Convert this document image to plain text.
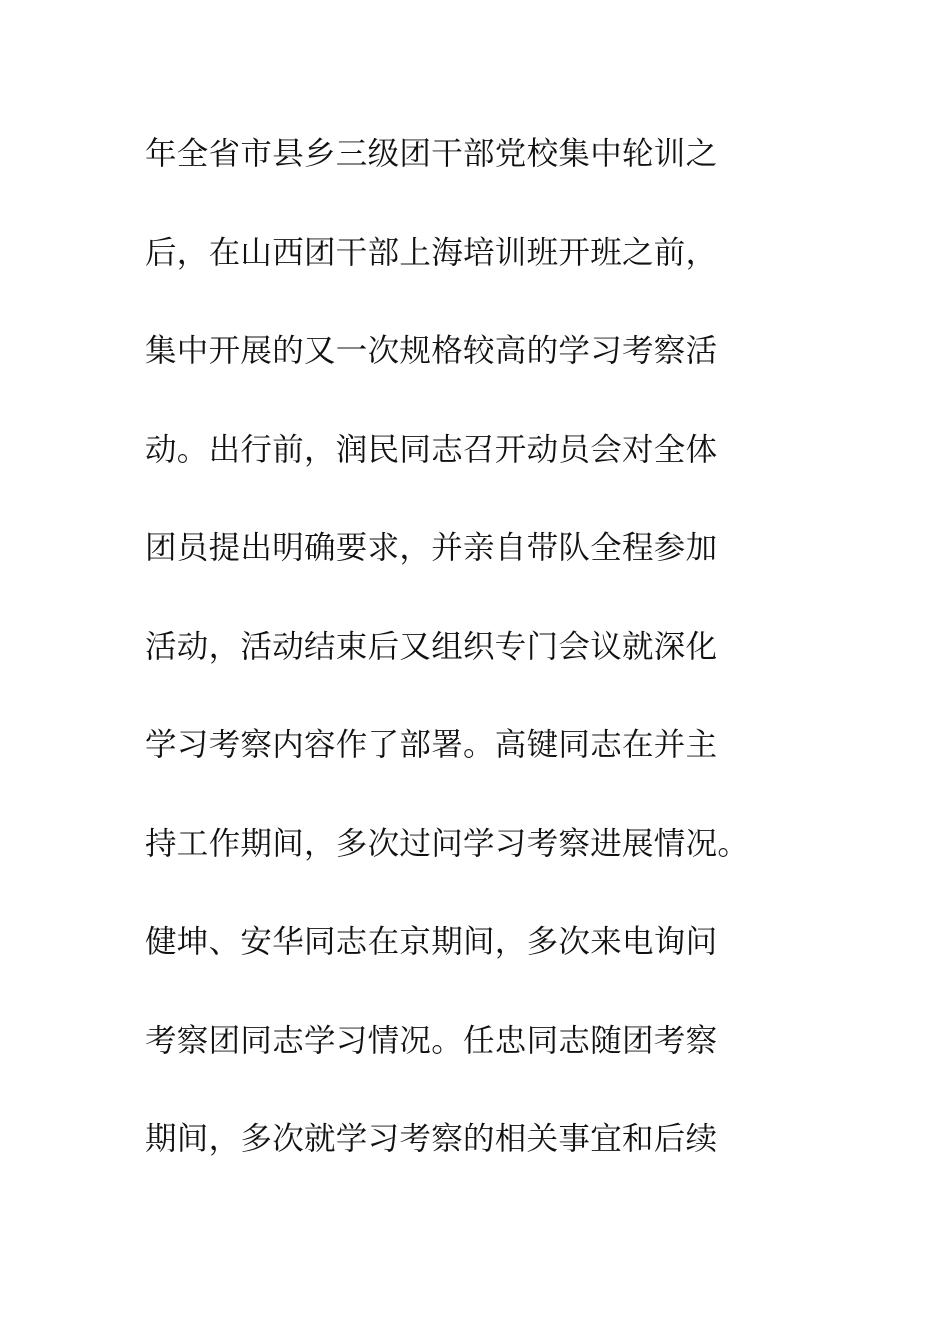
年全省市县乡三级团干部党校集中轮训之
后，在山西团干部上海培训班开班之前，
集中开展的又一次规格较高的学习考察活
动。出行前，润民同志召开动员会对全体
团员提出明确要求，并亲自带队全程参加
活动，活动结束后又组织专门会议就深化
学习考察内容作了部署。高键同志在并主
持工作期间，多次过问学习考察进展情况。
健坤、安华同志在京期间，多次来电询问
考察团同志学习情况。任忠同志随团考察
期间，多次就学习考察的相关事宜和后续
